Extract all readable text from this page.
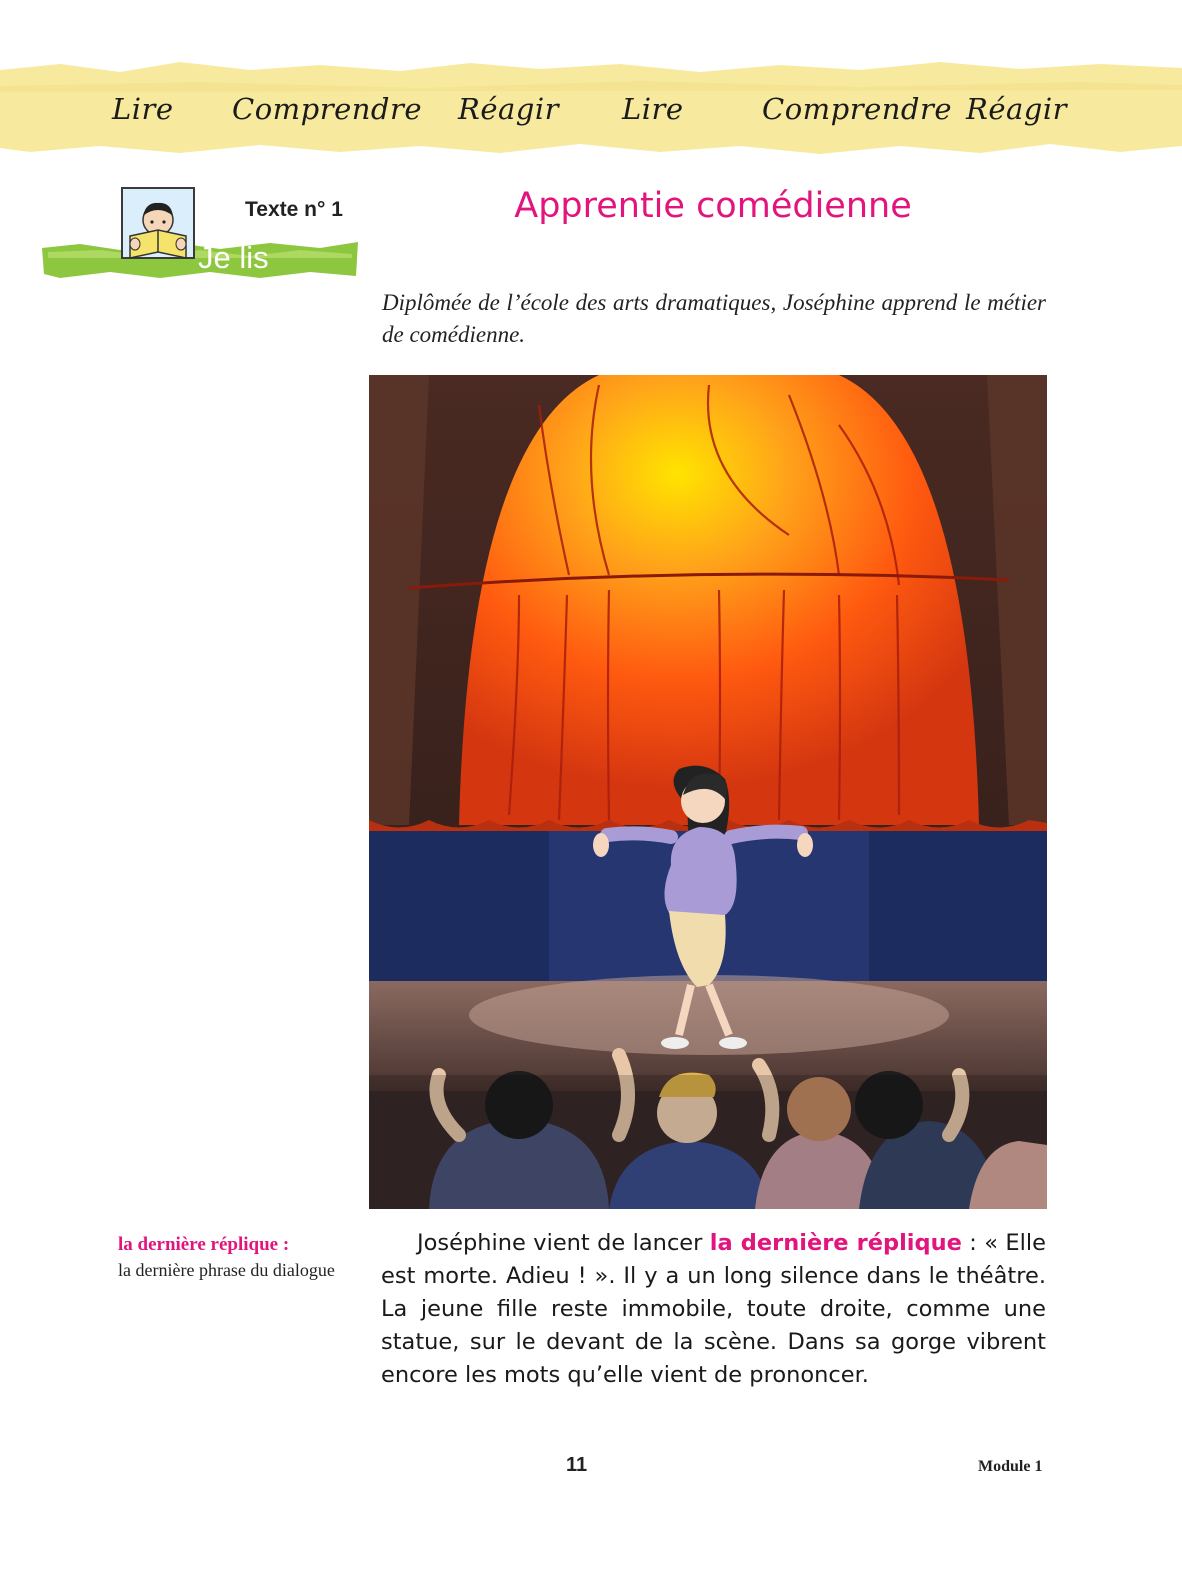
Lire Comprendre Réagir Lire	Comprendre Réagir
Texte n° 1
Je lis
Apprentie comédienne
Diplômée de l’école des arts dramatiques, Joséphine apprend le métier de comédienne.
la dernière réplique :
la dernière phrase du dialogue
Joséphine vient de lancer la dernière réplique : « Elle est morte. Adieu ! ». Il y a un long silence dans le théâtre. La jeune fille reste immobile, toute droite, comme une statue, sur le devant de la scène. Dans sa gorge vibrent encore les mots qu’elle vient de prononcer.
11	Module 1
